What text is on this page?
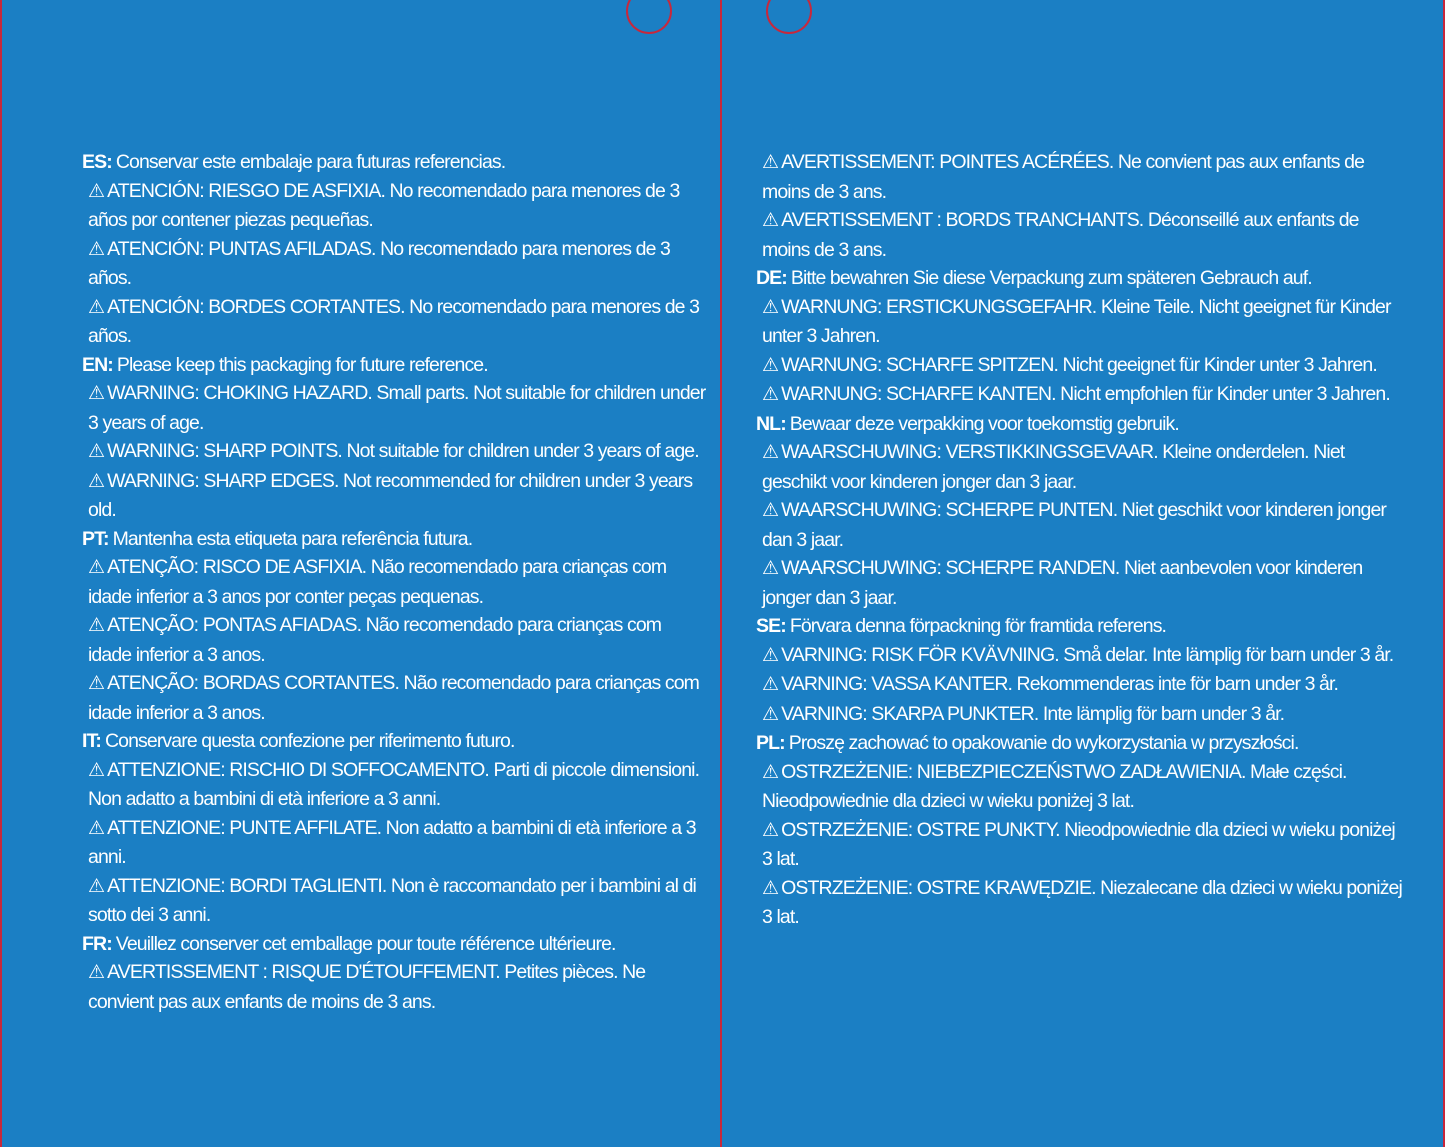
ES: Conservar este embalaje para futuras referencias.

⚠ ATENCIÓN: RIESGO DE ASFIXIA. No recomendado para menores de 3 años por contener piezas pequeñas.

⚠ ATENCIÓN: PUNTAS AFILADAS. No recomendado para menores de 3 años.

⚠ ATENCIÓN: BORDES CORTANTES. No recomendado para menores de 3 años.

EN: Please keep this packaging for future reference.

⚠ WARNING: CHOKING HAZARD. Small parts. Not suitable for children under 3 years of age.

⚠ WARNING: SHARP POINTS. Not suitable for children under 3 years of age.

⚠ WARNING: SHARP EDGES. Not recommended for children under 3 years old.

PT: Mantenha esta etiqueta para referência futura.

⚠ ATENÇÃO: RISCO DE ASFIXIA. Não recomendado para crianças com idade inferior a 3 anos por conter peças pequenas.

⚠ ATENÇÃO: PONTAS AFIADAS. Não recomendado para crianças com idade inferior a 3 anos.

⚠ ATENÇÃO: BORDAS CORTANTES. Não recomendado para crianças com idade inferior a 3 anos.

IT: Conservare questa confezione per riferimento futuro.

⚠ ATTENZIONE: RISCHIO DI SOFFOCAMENTO. Parti di piccole dimensioni. Non adatto a bambini di età inferiore a 3 anni.

⚠ ATTENZIONE: PUNTE AFFILATE. Non adatto a bambini di età inferiore a 3 anni.

⚠ ATTENZIONE: BORDI TAGLIENTI. Non è raccomandato per i bambini al di sotto dei 3 anni.

FR: Veuillez conserver cet emballage pour toute référence ultérieure.

⚠ AVERTISSEMENT : RISQUE D'ÉTOUFFEMENT. Petites pièces. Ne convient pas aux enfants de moins de 3 ans.

⚠ AVERTISSEMENT: POINTES ACÉRÉES. Ne convient pas aux enfants de moins de 3 ans.

⚠ AVERTISSEMENT : BORDS TRANCHANTS. Déconseillé aux enfants de moins de 3 ans.

DE: Bitte bewahren Sie diese Verpackung zum späteren Gebrauch auf.

⚠ WARNUNG: ERSTICKUNGSGEFAHR. Kleine Teile. Nicht geeignet für Kinder unter 3 Jahren.

⚠ WARNUNG: SCHARFE SPITZEN. Nicht geeignet für Kinder unter 3 Jahren.

⚠ WARNUNG: SCHARFE KANTEN. Nicht empfohlen für Kinder unter 3 Jahren.

NL: Bewaar deze verpakking voor toekomstig gebruik.

⚠ WAARSCHUWING: VERSTIKKINGSGEVAAR. Kleine onderdelen. Niet geschikt voor kinderen jonger dan 3 jaar.

⚠ WAARSCHUWING: SCHERPE PUNTEN. Niet geschikt voor kinderen jonger dan 3 jaar.

⚠ WAARSCHUWING: SCHERPE RANDEN. Niet aanbevolen voor kinderen jonger dan 3 jaar.

SE: Förvara denna förpackning för framtida referens.

⚠ VARNING: RISK FÖR KVÄVNING. Små delar. Inte lämplig för barn under 3 år.

⚠ VARNING: VASSA KANTER. Rekommenderas inte för barn under 3 år.

⚠ VARNING: SKARPA PUNKTER. Inte lämplig för barn under 3 år.

PL: Proszę zachować to opakowanie do wykorzystania w przyszłości.

⚠ OSTRZEŻENIE: NIEBEZPIECZEŃSTWO ZADŁAWIENIA. Małe części. Nieodpowiednie dla dzieci w wieku poniżej 3 lat.

⚠ OSTRZEŻENIE: OSTRE PUNKTY. Nieodpowiednie dla dzieci w wieku poniżej 3 lat.

⚠ OSTRZEŻENIE: OSTRE KRAWĘDZIE. Niezalecane dla dzieci w wieku poniżej 3 lat.
